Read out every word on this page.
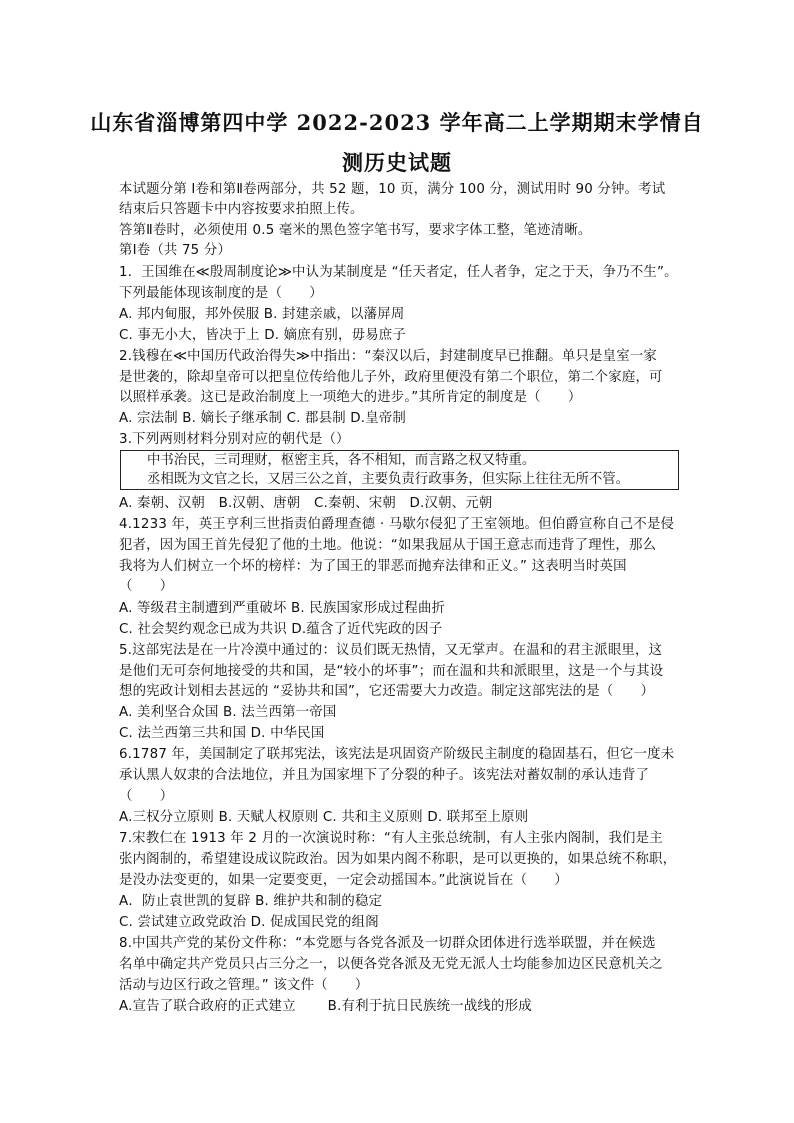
山东省淄博第四中学 2022-2023 学年高二上学期期末学情自
测历史试题
本试题分第 Ⅰ卷和第Ⅱ卷两部分，共 52 题，10 页，满分 100 分，测试用时 90 分钟。考试
结束后只答题卡中内容按要求拍照上传。
答第Ⅱ卷时，必须使用 0.5 毫米的黑色签字笔书写，要求字体工整，笔迹清晰。
第Ⅰ卷（共 75 分）
1．王国维在≪殷周制度论≫中认为某制度是 “任天者定，任人者争，定之于天，争乃不生”。
下列最能体现该制度的是（　　）
A. 邦内甸服，邦外侯服 B. 封建亲戚，以藩屏周
C. 事无小大，皆决于上 D. 嫡庶有别，毋易庶子
2.钱穆在≪中国历代政治得失≫中指出：“秦汉以后，封建制度早已推翻。单只是皇室一家
是世袭的，除却皇帝可以把皇位传给他儿子外，政府里便没有第二个职位，第二个家庭，可
以照样承袭。这已是政治制度上一项绝大的进步。”其所肯定的制度是（　　）
A. 宗法制 B. 嫡长子继承制 C. 郡县制 D.皇帝制
3.下列两则材料分别对应的朝代是（）
中书治民，三司理财，枢密主兵，各不相知，而言路之权又特重。
丞相既为文官之长，又居三公之首，主要负责行政事务，但实际上往往无所不管。
A. 秦朝、汉朝　B.汉朝、唐朝　C.秦朝、宋朝　D.汉朝、元朝
4.1233 年，英王亨利三世指责伯爵理查德 · 马歇尔侵犯了王室领地。但伯爵宣称自己不是侵
犯者，因为国王首先侵犯了他的土地。他说：“如果我屈从于国王意志而违背了理性，那么
我将为人们树立一个坏的榜样：为了国王的罪恶而抛弃法律和正义。” 这表明当时英国
（　　）
A. 等级君主制遭到严重破坏 B. 民族国家形成过程曲折
C. 社会契约观念已成为共识 D.蕴含了近代宪政的因子
5.这部宪法是在一片冷漠中通过的：议员们既无热情，又无掌声。在温和的君主派眼里，这
是他们无可奈何地接受的共和国，是“较小的坏事”；而在温和共和派眼里，这是一个与其设
想的宪政计划相去甚远的 “妥协共和国”，它还需要大力改造。制定这部宪法的是（　　）
A. 美利坚合众国 B. 法兰西第一帝国
C. 法兰西第三共和国 D. 中华民国
6.1787 年，美国制定了联邦宪法，该宪法是巩固资产阶级民主制度的稳固基石，但它一度未
承认黑人奴隶的合法地位，并且为国家埋下了分裂的种子。该宪法对蓄奴制的承认违背了
（　　）
A.三权分立原则 B. 天赋人权原则 C. 共和主义原则 D. 联邦至上原则
7.宋教仁在 1913 年 2 月的一次演说时称：“有人主张总统制，有人主张内阁制，我们是主
张内阁制的，希望建设成议院政治。因为如果内阁不称职，是可以更换的，如果总统不称职，
是没办法变更的，如果一定要变更，一定会动摇国本。”此演说旨在（　　）
A．防止袁世凯的复辟 B. 维护共和制的稳定
C. 尝试建立政党政治 D. 促成国民党的组阁
8.中国共产党的某份文件称：“本党愿与各党各派及一切群众团体进行选举联盟，并在候选
名单中确定共产党员只占三分之一，以便各党各派及无党无派人士均能参加边区民意机关之
活动与边区行政之管理。” 该文件（　　）
A.宣告了联合政府的正式建立 B.有利于抗日民族统一战线的形成
